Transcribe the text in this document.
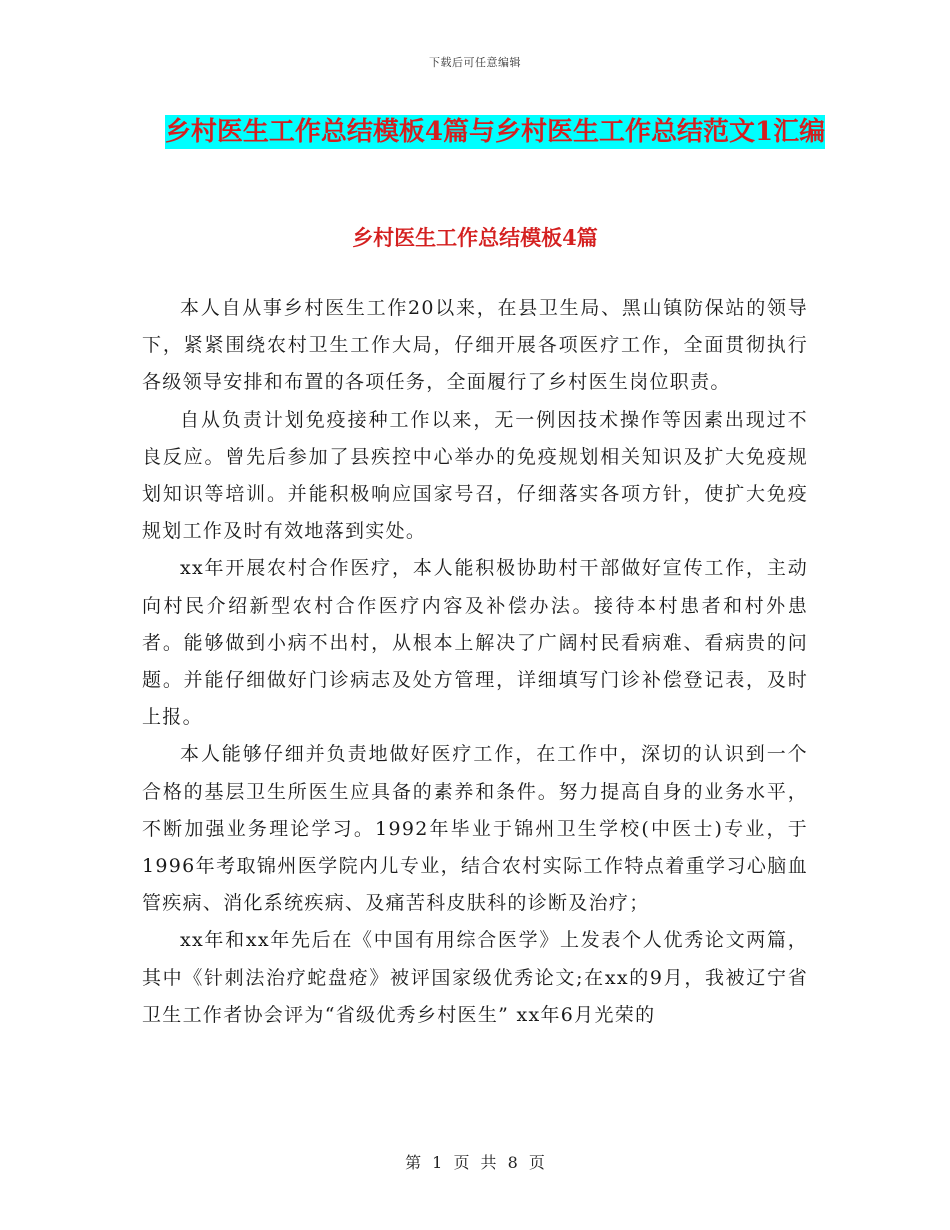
下载后可任意编辑
乡村医生工作总结模板4篇与乡村医生工作总结范文1汇编
乡村医生工作总结模板4篇

本人自从事乡村医生工作20以来，在县卫生局、黑山镇防保站的领导下，紧紧围绕农村卫生工作大局，仔细开展各项医疗工作，全面贯彻执行各级领导安排和布置的各项任务，全面履行了乡村医生岗位职责。

自从负责计划免疫接种工作以来，无一例因技术操作等因素出现过不良反应。曾先后参加了县疾控中心举办的免疫规划相关知识及扩大免疫规划知识等培训。并能积极响应国家号召，仔细落实各项方针，使扩大免疫规划工作及时有效地落到实处。

xx年开展农村合作医疗，本人能积极协助村干部做好宣传工作，主动向村民介绍新型农村合作医疗内容及补偿办法。接待本村患者和村外患者。能够做到小病不出村，从根本上解决了广阔村民看病难、看病贵的问题。并能仔细做好门诊病志及处方管理，详细填写门诊补偿登记表，及时上报。

本人能够仔细并负责地做好医疗工作，在工作中，深切的认识到一个合格的基层卫生所医生应具备的素养和条件。努力提高自身的业务水平，不断加强业务理论学习。1992年毕业于锦州卫生学校(中医士)专业，于1996年考取锦州医学院内儿专业，结合农村实际工作特点着重学习心脑血管疾病、消化系统疾病、及痛苦科皮肤科的诊断及治疗；

xx年和xx年先后在《中国有用综合医学》上发表个人优秀论文两篇，其中《针刺法治疗蛇盘疮》被评国家级优秀论文;在xx的9月，我被辽宁省卫生工作者协会评为“省级优秀乡村医生” xx年6月光荣的

第 1 页 共 8 页
